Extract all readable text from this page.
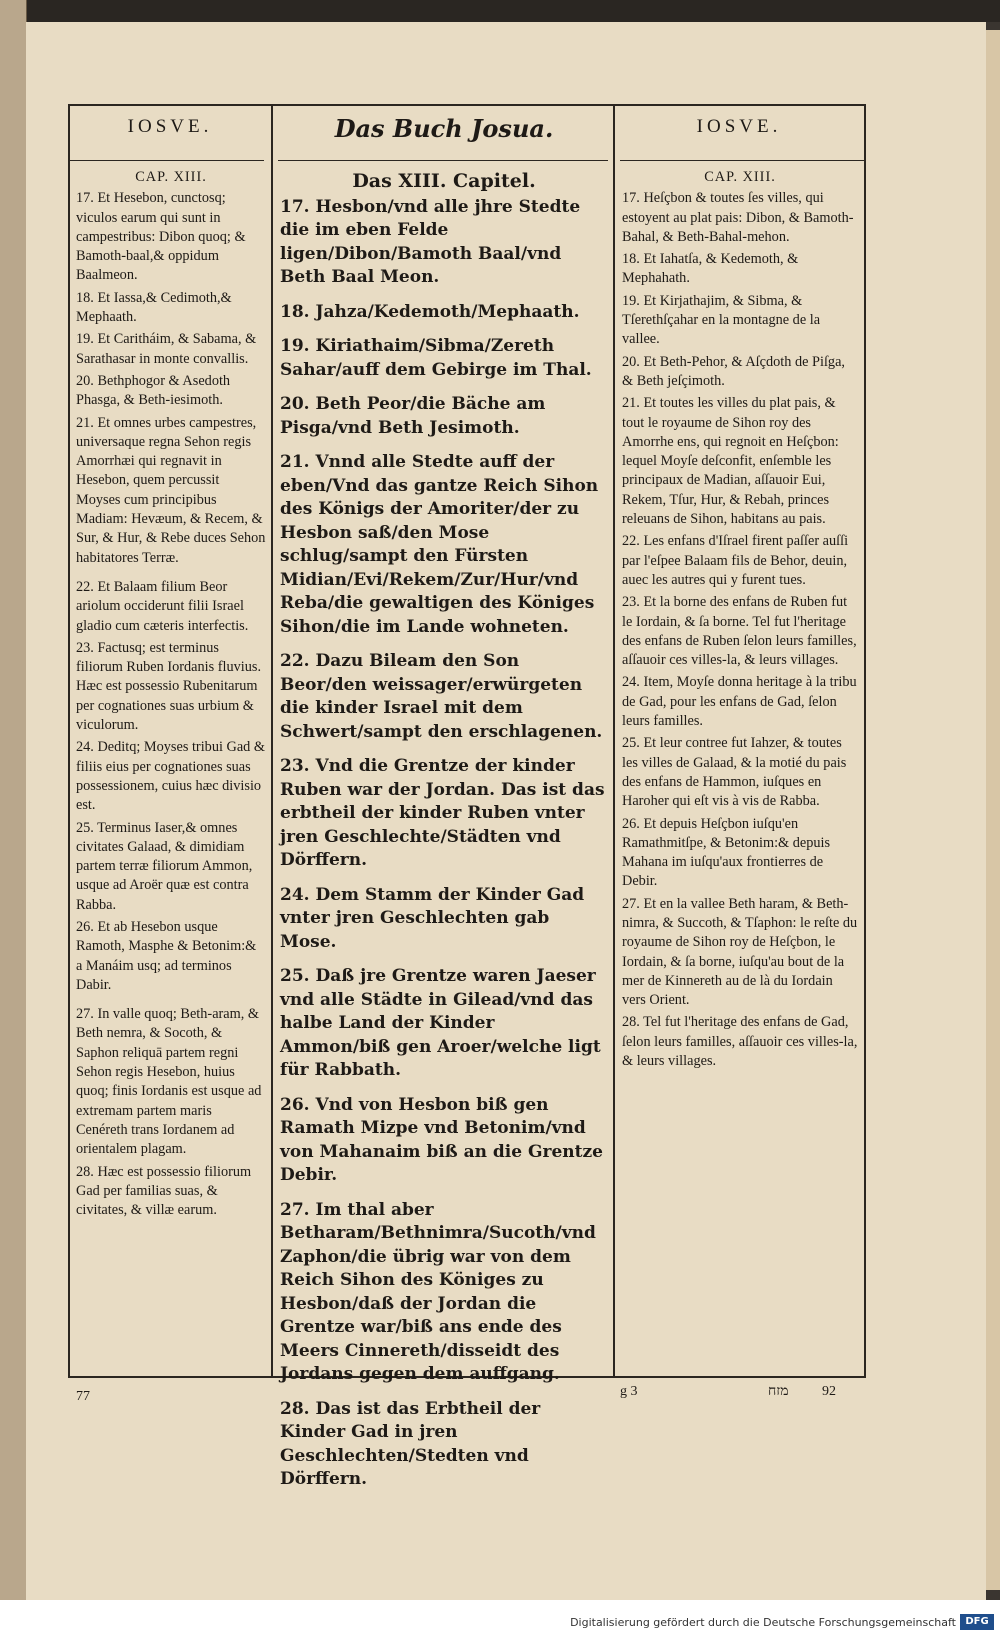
IOSVE.	Das Buch Josua.	IOSVE.
CAP. XIII.
17. Et Hesebon, cunctosq; viculos earum qui sunt in campestribus: Dibon quoq; & Bamoth-baal,& oppidum Baalmeon.
18. Et Iassa,& Cedimoth,& Mephaath.
19. Et Caritháim, & Sabama, & Sarathasar in monte convallis.
20. Bethphogor & Asedoth Phasga, & Beth-iesimoth.
21. Et omnes urbes campestres, universaque regna Sehon regis Amorrhæi qui regnavit in Hesebon, quem percussit Moyses cum principibus Madiam: Hevæum, & Recem, & Sur, & Hur, & Rebe duces Sehon habitatores Terræ.
22. Et Balaam filium Beor ariolum occiderunt filii Israel gladio cum cæteris interfectis.
23. Factusq; est terminus filiorum Ruben Iordanis fluvius. Hæc est possessio Rubenitarum per cognationes suas urbium & viculorum.
24. Deditq; Moyses tribui Gad & filiis eius per cognationes suas possessionem, cuius hæc divisio est.
25. Terminus Iaser,& omnes civitates Galaad, & dimidiam partem terræ filiorum Ammon, usque ad Aroër quæ est contra Rabba.
26. Et ab Hesebon usque Ramoth, Masphe & Betonim:& a Manáim usq; ad terminos Dabir.
27. In valle quoq; Beth-aram, & Beth nemra, & Socoth, & Saphon reliquā partem regni Sehon regis Hesebon, huius quoq; finis Iordanis est usque ad extremam partem maris Cenéreth trans Iordanem ad orientalem plagam.
28. Hæc est possessio filiorum Gad per familias suas, & civitates, & villæ earum.
Das XIII. Capitel.
17. Hesbon/vnd alle jhre Stedte die im eben Felde ligen/Dibon/Bamoth Baal/vnd Beth Baal Meon.
18. Jahza/Kedemoth/Mephaath.
19. Kiriathaim/Sibma/Zereth Sahar/auff dem Gebirge im Thal.
20. Beth Peor/die Bäche am Pisga/vnd Beth Jesimoth.
21. Vnnd alle Stedte auff der eben/Vnd das gantze Reich Sihon des Königs der Amoriter/der zu Hesbon saß/den Mose schlug/sampt den Fürsten Midian/Evi/Rekem/Zur/Hur/vnd Reba/die gewaltigen des Königes Sihon/die im Lande wohneten.
22. Dazu Bileam den Son Beor/den weissager/erwürgeten die kinder Israel mit dem Schwert/sampt den erschlagenen.
23. Vnd die Grentze der kinder Ruben war der Jordan. Das ist das erbtheil der kinder Ruben vnter jren Geschlechte/Städten vnd Dörffern.
24. Dem Stamm der Kinder Gad vnter jren Geschlechten gab Mose.
25. Daß jre Grentze waren Jaeser vnd alle Städte in Gilead/vnd das halbe Land der Kinder Ammon/biß gen Aroer/welche ligt für Rabbath.
26. Vnd von Hesbon biß gen Ramath Mizpe vnd Betonim/vnd von Mahanaim biß an die Grentze Debir.
27. Im thal aber Betharam/Bethnimra/Sucoth/vnd Zaphon/die übrig war von dem Reich Sihon des Königes zu Hesbon/daß der Jordan die Grentze war/biß ans ende des Meers Cinnereth/disseidt des Jordans gegen dem auffgang.
28. Das ist das Erbtheil der Kinder Gad in jren Geschlechten/Stedten vnd Dörffern.
CAP. XIII.
17. Heſçbon & toutes ſes villes, qui estoyent au plat pais: Dibon, & Bamoth-Bahal, & Beth-Bahal-mehon.
18. Et Iahatſa, & Kedemoth, & Mephahath.
19. Et Kirjathajim, & Sibma, & Tſerethſçahar en la montagne de la vallee.
20. Et Beth-Pehor, & Aſçdoth de Piſga, & Beth jeſçimoth.
21. Et toutes les villes du plat pais, & tout le royaume de Sihon roy des Amorrhe ens, qui regnoit en Heſçbon: lequel Moyſe deſconfit, enſemble les principaux de Madian, aſſauoir Eui, Rekem, Tſur, Hur, & Rebah, princes releuans de Sihon, habitans au pais.
22. Les enfans d'Iſrael firent paſſer auſſi par l'eſpee Balaam fils de Behor, deuin, auec les autres qui y furent tues.
23. Et la borne des enfans de Ruben fut le Iordain, & ſa borne. Tel fut l'heritage des enfans de Ruben ſelon leurs familles, aſſauoir ces villes-la, & leurs villages.
24. Item, Moyſe donna heritage à la tribu de Gad, pour les enfans de Gad, ſelon leurs familles.
25. Et leur contree fut Iahzer, & toutes les villes de Galaad, & la motié du pais des enfans de Hammon, iuſques en Haroher qui eſt vis à vis de Rabba.
26. Et depuis Heſçbon iuſqu'en Ramathmitſpe, & Betonim:& depuis Mahana im iuſqu'aux frontierres de Debir.
27. Et en la vallee Beth haram, & Beth-nimra, & Succoth, & Tſaphon: le reſte du royaume de Sihon roy de Heſçbon, le Iordain, & ſa borne, iuſqu'au bout de la mer de Kinnereth au de là du Iordain vers Orient.
28. Tel fut l'heritage des enfans de Gad, ſelon leurs familles, aſſauoir ces villes-la, & leurs villages.
77	g 3	מזח 92
Digitalisierung gefördert durch die Deutsche Forschungsgemeinschaft DFG
